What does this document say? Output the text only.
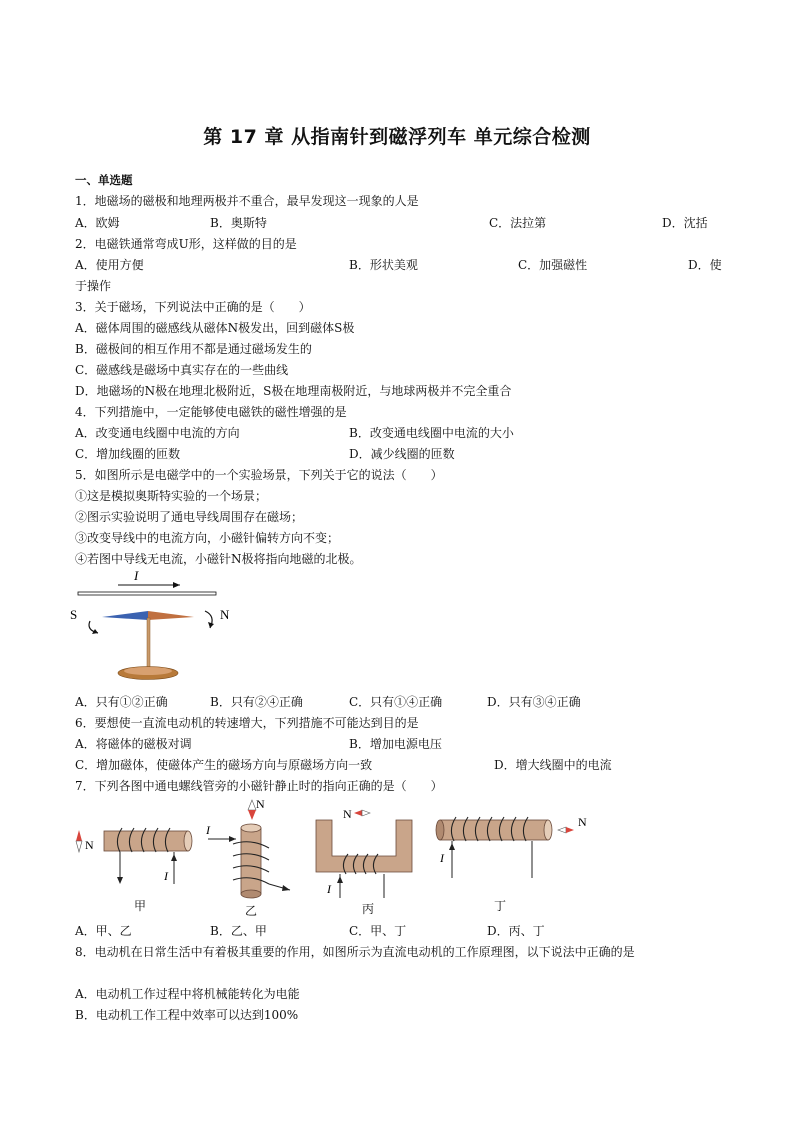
第 17 章 从指南针到磁浮列车 单元综合检测
一、单选题
1．地磁场的磁极和地理两极并不重合，最早发现这一现象的人是
A．欧姆	B．奥斯特	C．法拉第	D．沈括
2．电磁铁通常弯成U形，这样做的目的是
A．使用方便	B．形状美观	C．加强磁性	D．使
于操作
3．关于磁场，下列说法中正确的是（　　）
A．磁体周围的磁感线从磁体N极发出，回到磁体S极
B．磁极间的相互作用不都是通过磁场发生的
C．磁感线是磁场中真实存在的一些曲线
D．地磁场的N极在地理北极附近，S极在地理南极附近，与地球两极并不完全重合
4．下列措施中，一定能够使电磁铁的磁性增强的是
A．改变通电线圈中电流的方向	B．改变通电线圈中电流的大小
C．增加线圈的匝数	D．减少线圈的匝数
5．如图所示是电磁学中的一个实验场景，下列关于它的说法（　　）
①这是模拟奥斯特实验的一个场景；
②图示实验说明了通电导线周围存在磁场；
③改变导线中的电流方向，小磁针偏转方向不变；
④若图中导线无电流，小磁针N极将指向地磁的北极。
I
S	N
A．只有①②正确	B．只有②④正确	C．只有①④正确	D．只有③④正确
6．要想使一直流电动机的转速增大，下列措施不可能达到目的是
A．将磁体的磁极对调	B．增加电源电压
C．增加磁体，使磁体产生的磁场方向与原磁场方向一致	D．增大线圈中的电流
7．下列各图中通电螺线管旁的小磁针静止时的指向正确的是（　　）
N
I
N
I
N
I
I
N
甲	乙	丙	丁
A．甲、乙	B．乙、甲	C．甲、丁	D．丙、丁
8．电动机在日常生活中有着极其重要的作用，如图所示为直流电动机的工作原理图，以下说法中正确的是
A．电动机工作过程中将机械能转化为电能
B．电动机工作工程中效率可以达到100%
